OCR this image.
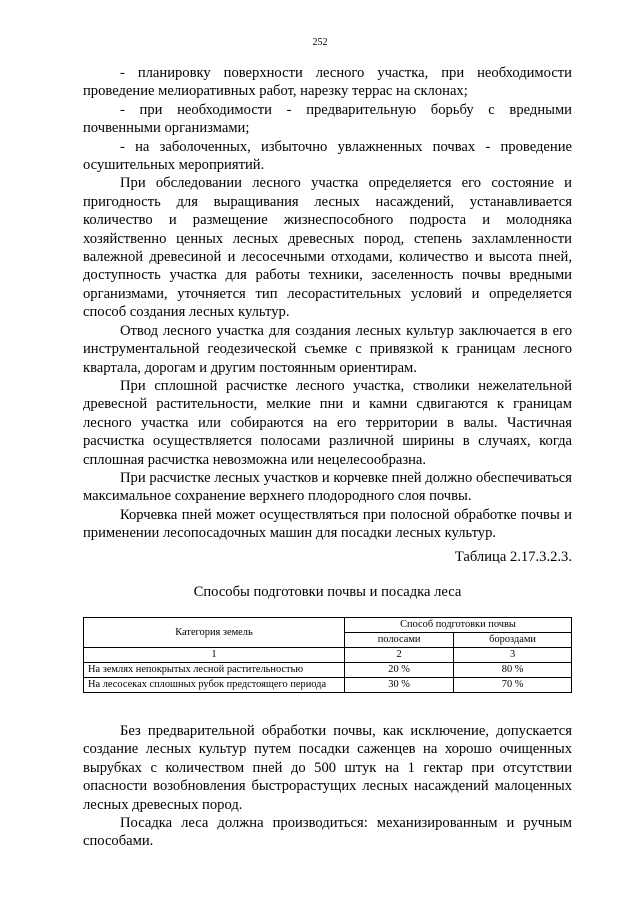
252

- планировку поверхности лесного участка, при необходимости проведение мелиоративных работ, нарезку террас на склонах;

- при необходимости - предварительную борьбу с вредными почвенными организмами;

- на заболоченных, избыточно увлажненных почвах - проведение осушительных мероприятий.

При обследовании лесного участка определяется его состояние и пригодность для выращивания лесных насаждений, устанавливается количество и размещение жизнеспособного подроста и молодняка хозяйственно ценных лесных древесных пород, степень захламленности валежной древесиной и лесосечными отходами, количество и высота пней, доступность участка для работы техники, заселенность почвы вредными организмами, уточняется тип лесорастительных условий и определяется способ создания лесных культур.

Отвод лесного участка для создания лесных культур заключается в его инструментальной геодезической съемке с привязкой к границам лесного квартала, дорогам и другим постоянным ориентирам.

При сплошной расчистке лесного участка, стволики нежелательной древесной растительности, мелкие пни и камни сдвигаются к границам лесного участка или собираются на его территории в валы. Частичная расчистка осуществляется полосами различной ширины в случаях, когда сплошная расчистка невозможна или нецелесообразна.

При расчистке лесных участков и корчевке пней должно обеспечиваться максимальное сохранение верхнего плодородного слоя почвы.

Корчевка пней может осуществляться при полосной обработке почвы и применении лесопосадочных машин для посадки лесных культур.

Таблица 2.17.3.2.3.
Способы подготовки почвы и посадка леса
Категория земель	Способ подготовки почвы	
	полосами	бороздами
1	2	3
На землях непокрытых лесной растительностью	20 %	80 %
На лесосеках сплошных рубок предстоящего периода	30 %	70 %

Без предварительной обработки почвы, как исключение, допускается создание лесных культур путем посадки саженцев на хорошо очищенных вырубках с количеством пней до 500 штук на 1 гектар при отсутствии опасности возобновления быстрорастущих лесных насаждений малоценных лесных древесных пород.

Посадка леса должна производиться: механизированным и ручным способами.
